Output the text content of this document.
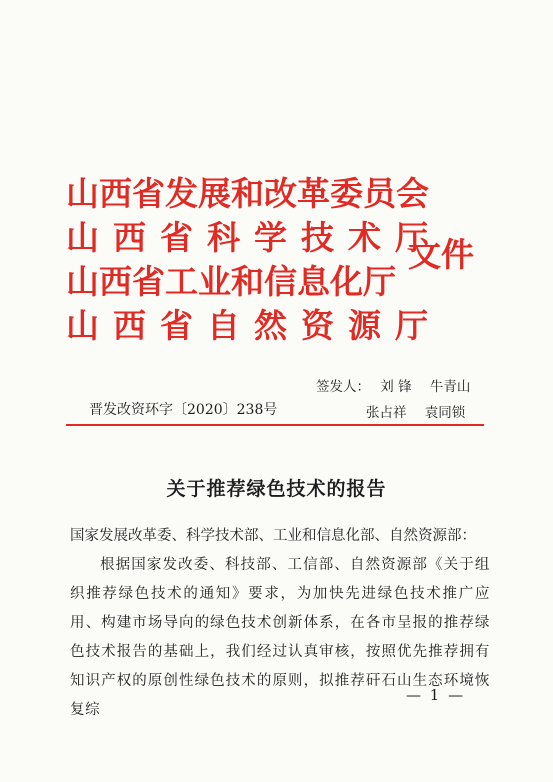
山西省发展和改革委员会
山西省科学技术厅
山西省工业和信息化厅
山西省自然资源厅
文件
签发人： 刘 锋 牛青山
张占祥 袁同锁
晋发改资环字〔2020〕238号
关于推荐绿色技术的报告

国家发展改革委、科学技术部、工业和信息化部、自然资源部：

根据国家发改委、科技部、工信部、自然资源部《关于组织推荐绿色技术的通知》要求，为加快先进绿色技术推广应用、构建市场导向的绿色技术创新体系，在各市呈报的推荐绿色技术报告的基础上，我们经过认真审核，按照优先推荐拥有知识产权的原创性绿色技术的原则，拟推荐矸石山生态环境恢复综

— 1 —
